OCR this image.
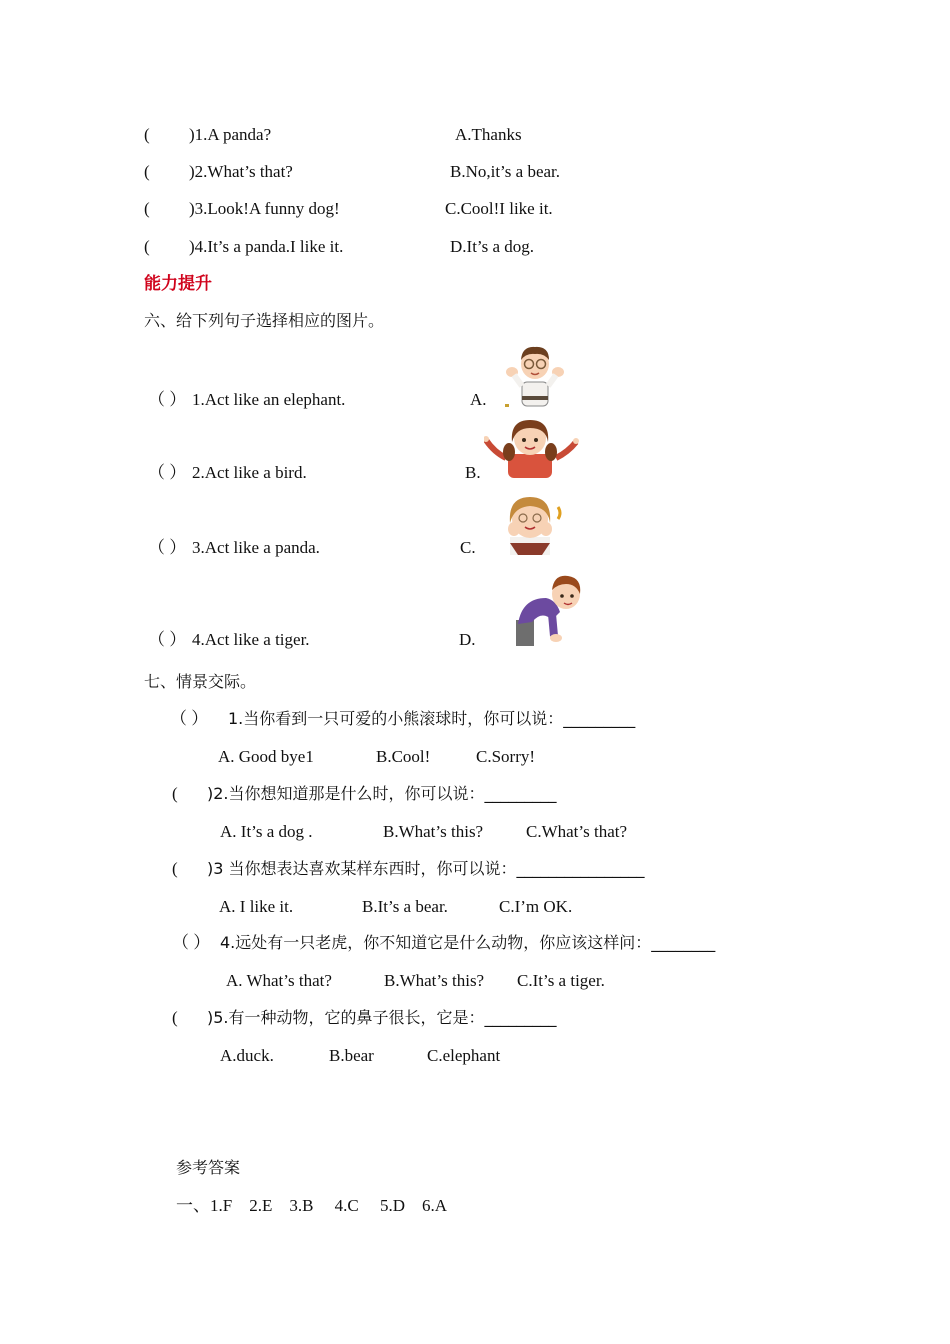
( )1.A panda?	A.Thanks
( )2.What’s that?	B.No,it’s a bear.
( )3.Look!A funny dog!	C.Cool!I like it.
( )4.It’s a panda.I like it.	D.It’s a dog.
能力提升
六、给下列句子选择相应的图片。
（ ） 1.Act like an elephant.	A.
（ ） 2.Act like a bird.	B.
（ ） 3.Act like a panda.	C.
（ ） 4.Act like a tiger.	D.
七、情景交际。
（ ） 1.当你看到一只可爱的小熊滚球时，你可以说：_________
A. Good bye1	B.Cool!	C.Sorry!
( )2.当你想知道那是什么时，你可以说：_________
A. It’s a dog .	B.What’s this?	C.What’s that?
( )3 当你想表达喜欢某样东西时，你可以说：________________
A. I like it.	B.It’s a bear.	C.I’m OK.
（ ） 4.远处有一只老虎，你不知道它是什么动物，你应该这样问：________
A. What’s that?	B.What’s this? C.It’s a tiger.
( )5.有一种动物，它的鼻子很长，它是：_________
A.duck.	B.bear	C.elephant
参考答案
一、1.F    2.E    3.B     4.C     5.D    6.A
